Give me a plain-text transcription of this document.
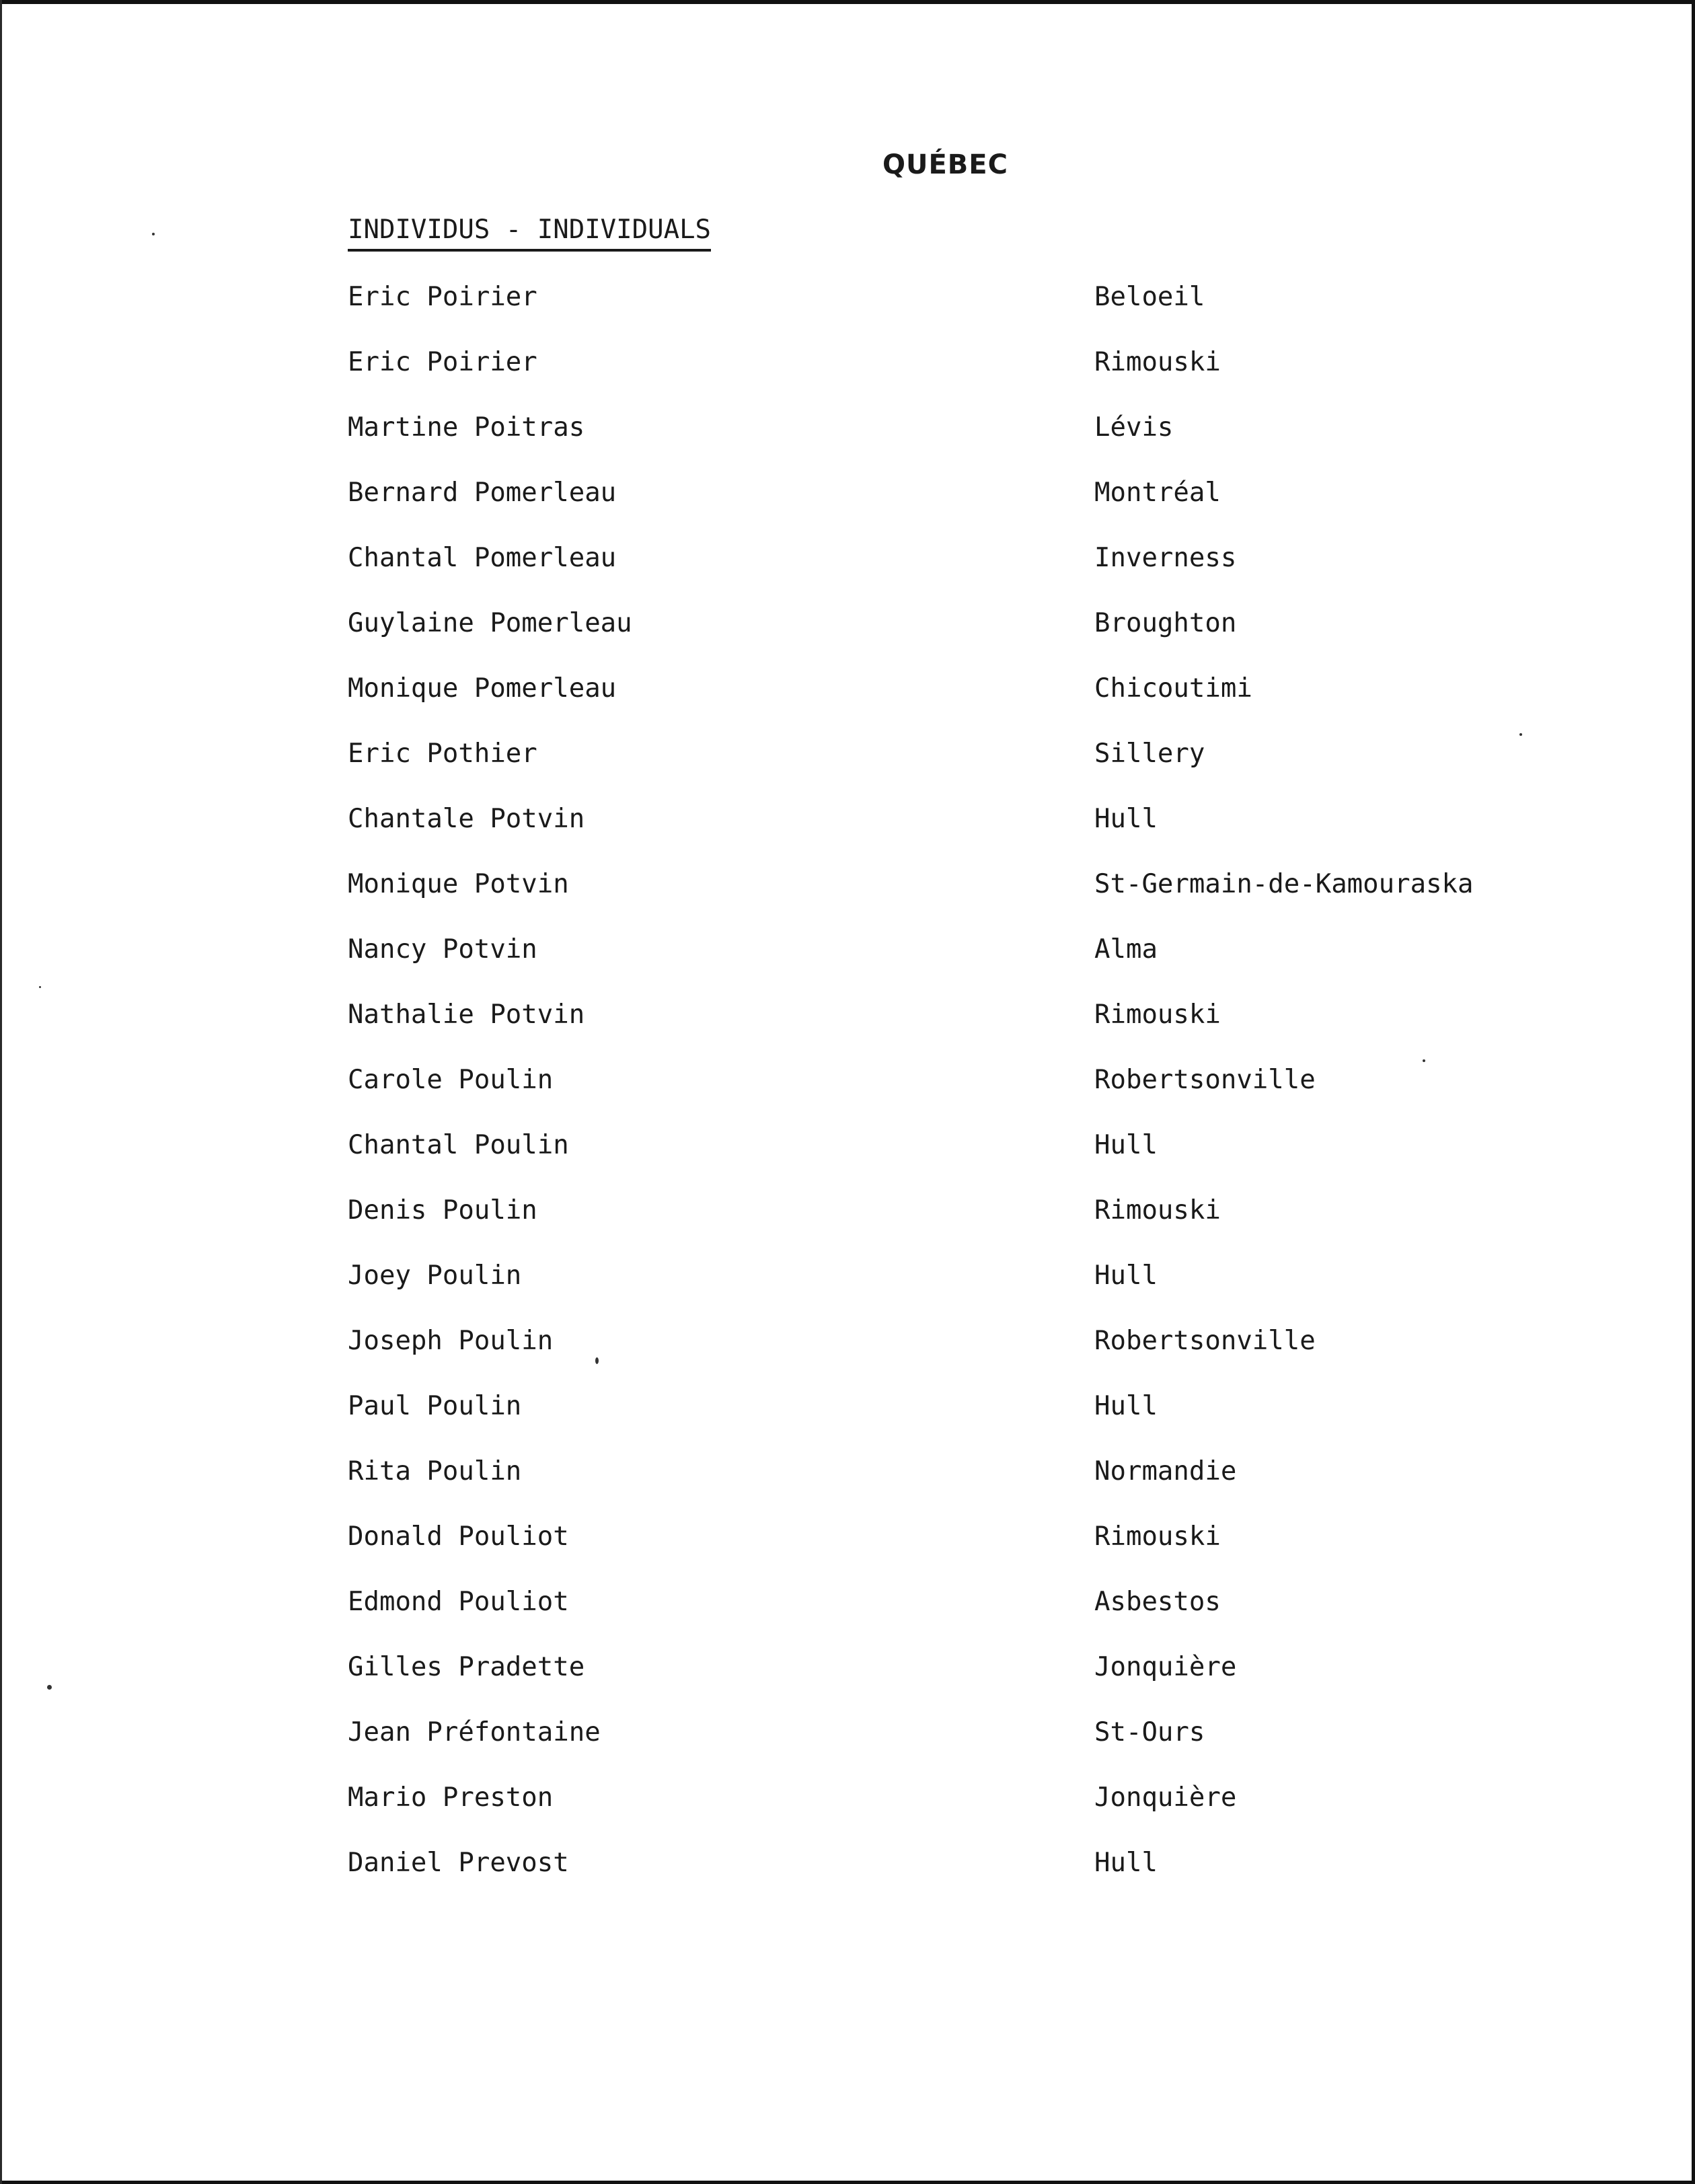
QUÉBEC
INDIVIDUS - INDIVIDUALS
Eric Poirier	Beloeil
Eric Poirier	Rimouski
Martine Poitras	Lévis
Bernard Pomerleau	Montréal
Chantal Pomerleau	Inverness
Guylaine Pomerleau	Broughton
Monique Pomerleau	Chicoutimi
Eric Pothier	Sillery
Chantale Potvin	Hull
Monique Potvin	St-Germain-de-Kamouraska
Nancy Potvin	Alma
Nathalie Potvin	Rimouski
Carole Poulin	Robertsonville
Chantal Poulin	Hull
Denis Poulin	Rimouski
Joey Poulin	Hull
Joseph Poulin	Robertsonville
Paul Poulin	Hull
Rita Poulin	Normandie
Donald Pouliot	Rimouski
Edmond Pouliot	Asbestos
Gilles Pradette	Jonquière
Jean Préfontaine	St-Ours
Mario Preston	Jonquière
Daniel Prevost	Hull
